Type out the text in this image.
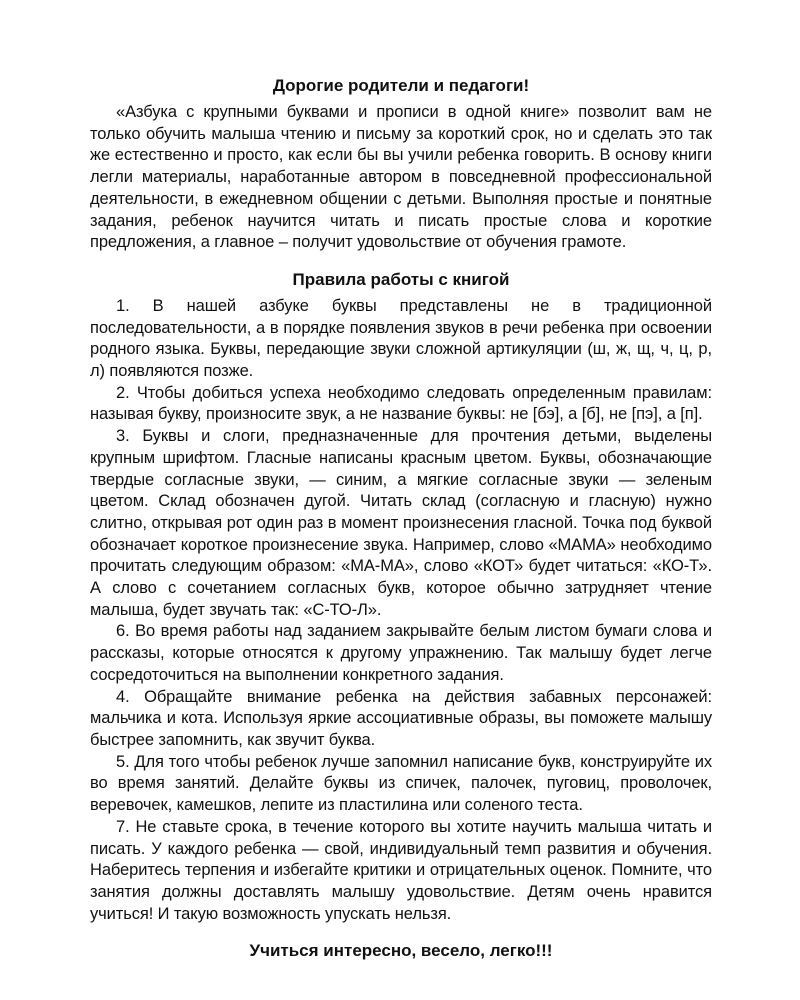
Дорогие родители и педагоги!

«Азбука с крупными буквами и прописи в одной книге» позволит вам не только обучить малыша чтению и письму за короткий срок, но и сделать это так же естественно и просто, как если бы вы учили ребенка говорить. В основу книги легли материалы, наработанные автором в повседневной профессиональной деятельности, в ежедневном общении с детьми. Выполняя простые и понятные задания, ребенок научится читать и писать простые слова и короткие предложения, а главное – получит удовольствие от обучения грамоте.

Правила работы с книгой

1. В нашей азбуке буквы представлены не в традиционной последовательности, а в порядке появления звуков в речи ребенка при освоении родного языка. Буквы, передающие звуки сложной артикуляции (ш, ж, щ, ч, ц, р, л) появляются позже.

2. Чтобы добиться успеха необходимо следовать определенным правилам: называя букву, произносите звук, а не название буквы: не [бэ], а [б], не [пэ], а [п].

3. Буквы и слоги, предназначенные для прочтения детьми, выделены крупным шрифтом. Гласные написаны красным цветом. Буквы, обозначающие твердые согласные звуки, — синим, а мягкие согласные звуки — зеленым цветом. Склад обозначен дугой. Читать склад (согласную и гласную) нужно слитно, открывая рот один раз в момент произнесения гласной. Точка под буквой обозначает короткое произнесение звука. Например, слово «МАМА» необходимо прочитать следующим образом: «МА-МА», слово «КОТ» будет читаться: «КО-Т». А слово с сочетанием согласных букв, которое обычно затрудняет чтение малыша, будет звучать так: «С-ТО-Л».

6. Во время работы над заданием закрывайте белым листом бумаги слова и рассказы, которые относятся к другому упражнению. Так малышу будет легче сосредоточиться на выполнении конкретного задания.

4. Обращайте внимание ребенка на действия забавных персонажей: мальчика и кота. Используя яркие ассоциативные образы, вы поможете малышу быстрее запомнить, как звучит буква.

5. Для того чтобы ребенок лучше запомнил написание букв, конструируйте их во время занятий. Делайте буквы из спичек, палочек, пуговиц, проволочек, веревочек, камешков, лепите из пластилина или соленого теста.

7. Не ставьте срока, в течение которого вы хотите научить малыша читать и писать. У каждого ребенка — свой, индивидуальный темп развития и обучения. Наберитесь терпения и избегайте критики и отрицательных оценок. Помните, что занятия должны доставлять малышу удовольствие. Детям очень нравится учиться! И такую возможность упускать нельзя.

Учиться интересно, весело, легко!!!
